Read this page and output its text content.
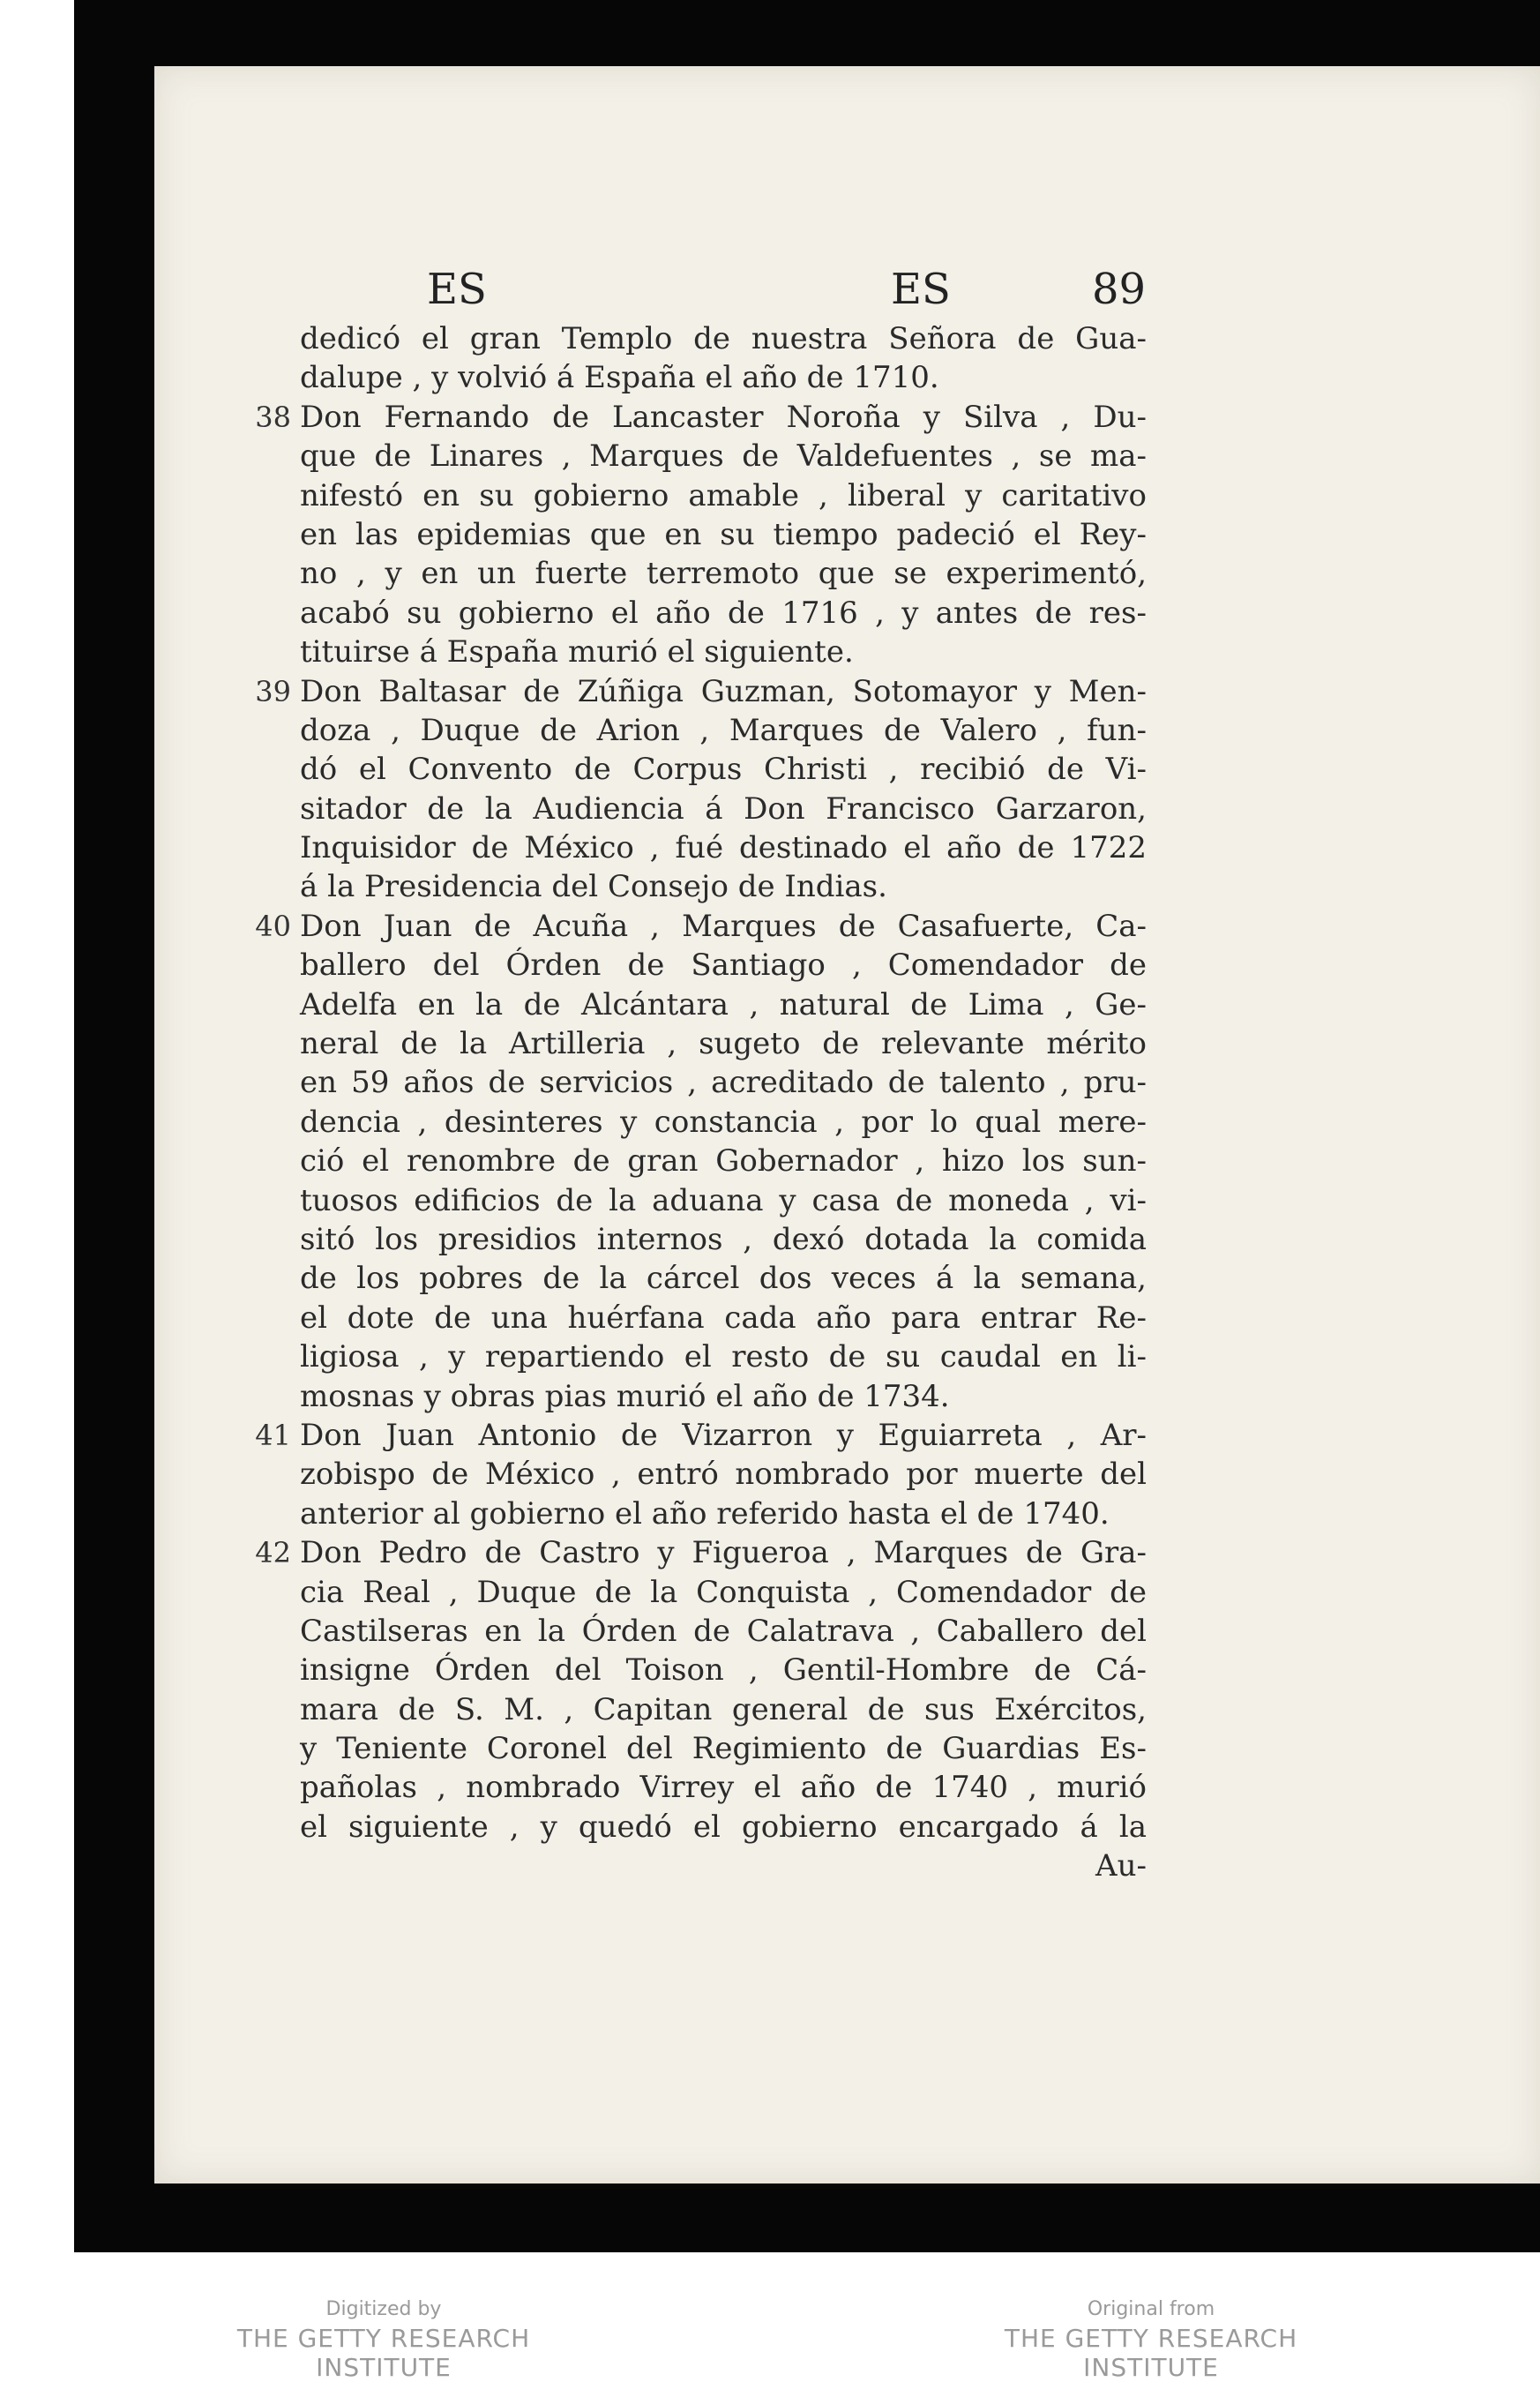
ES	ES	89
dedicó el gran Templo de nuestra Señora de Gua-
dalupe , y volvió á España el año de 1710.
38 Don Fernando de Lancaster Noroña y Silva , Du-
que de Linares , Marques de Valdefuentes , se ma-
nifestó en su gobierno amable , liberal y caritativo
en las epidemias que en su tiempo padeció el Rey-
no , y en un fuerte terremoto que se experimentó,
acabó su gobierno el año de 1716 , y antes de res-
tituirse á España murió el siguiente.
39 Don Baltasar de Zúñiga Guzman, Sotomayor y Men-
doza , Duque de Arion , Marques de Valero , fun-
dó el Convento de Corpus Christi , recibió de Vi-
sitador de la Audiencia á Don Francisco Garzaron,
Inquisidor de México , fué destinado el año de 1722
á la Presidencia del Consejo de Indias.
40 Don Juan de Acuña , Marques de Casafuerte, Ca-
ballero del Órden de Santiago , Comendador de
Adelfa en la de Alcántara , natural de Lima , Ge-
neral de la Artilleria , sugeto de relevante mérito
en 59 años de servicios , acreditado de talento , pru-
dencia , desinteres y constancia , por lo qual mere-
ció el renombre de gran Gobernador , hizo los sun-
tuosos edificios de la aduana y casa de moneda , vi-
sitó los presidios internos , dexó dotada la comida
de los pobres de la cárcel dos veces á la semana,
el dote de una huérfana cada año para entrar Re-
ligiosa , y repartiendo el resto de su caudal en li-
mosnas y obras pias murió el año de 1734.
41 Don Juan Antonio de Vizarron y Eguiarreta , Ar-
zobispo de México , entró nombrado por muerte del
anterior al gobierno el año referido hasta el de 1740.
42 Don Pedro de Castro y Figueroa , Marques de Gra-
cia Real , Duque de la Conquista , Comendador de
Castilseras en la Órden de Calatrava , Caballero del
insigne Órden del Toison , Gentil-Hombre de Cá-
mara de S. M. , Capitan general de sus Exércitos,
y Teniente Coronel del Regimiento de Guardias Es-
pañolas , nombrado Virrey el año de 1740 , murió
el siguiente , y quedó el gobierno encargado á la
Au-
Digitized by
THE GETTY RESEARCH INSTITUTE
Original from
THE GETTY RESEARCH INSTITUTE
